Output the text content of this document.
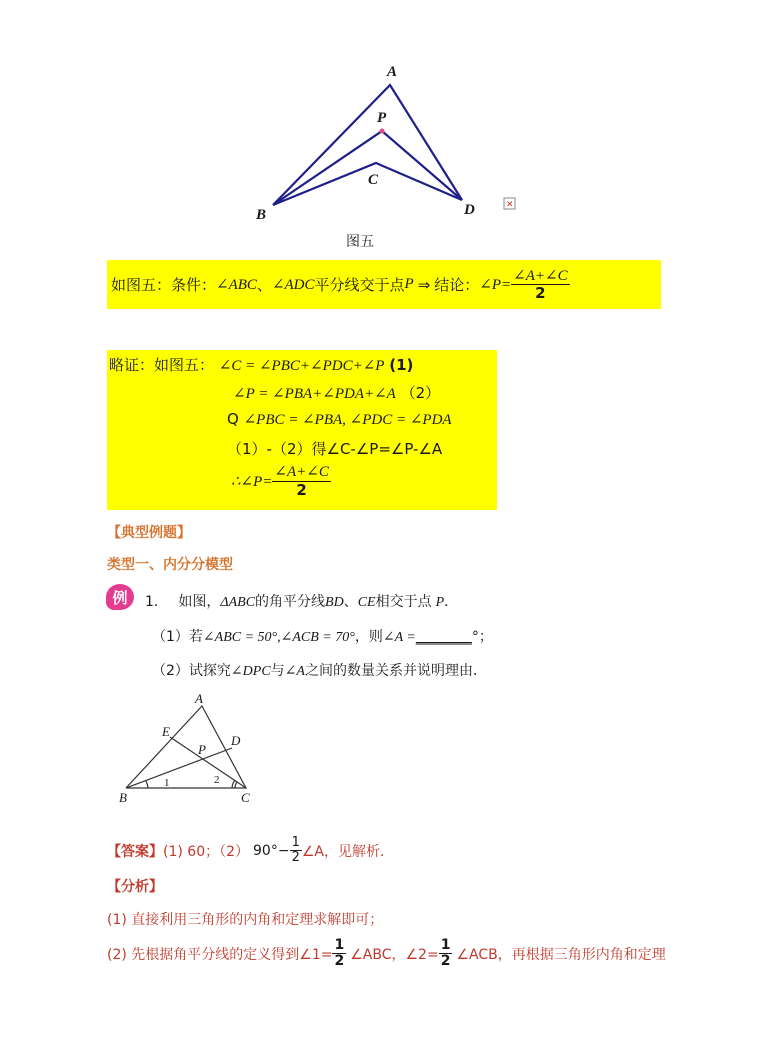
A
P
C
B	D	✕
图五
如图五：条件： ∠ABC 、 ∠ADC 平分线交于点 P ⇒ 结论： ∠P= $\frac{\angle A+\angle C}{2}$
略证：如图五： ∠C = ∠PBC+∠PDC+∠P (1)
∠P = ∠PBA+∠PDA+∠A （2）
Q ∠PBC = ∠PBA, ∠PDC = ∠PDA
（1）-（2）得∠C-∠P=∠P-∠A
∴∠P= $\frac{\angle A+\angle C}{2}$
【典型例题】
类型一、内分分模型
例 1． 如图，ΔABC的角平分线BD、CE相交于点 P．
（1）若∠ABC = 50°,∠ACB = 70°，则∠A =________°；
（2）试探究∠DPC与∠A之间的数量关系并说明理由．
A
E
D
P
B	C
1	2
【答案】 (1) 60；（2） $90^\circ- \frac{1}{2}$ ∠A，见解析．
【分析】
(1) 直接利用三角形的内角和定理求解即可；
(2) 先根据角平分线的定义得到∠1= $\frac{1}{2}$ ∠ABC，∠2= $\frac{1}{2}$ ∠ACB，再根据三角形内角和定理
